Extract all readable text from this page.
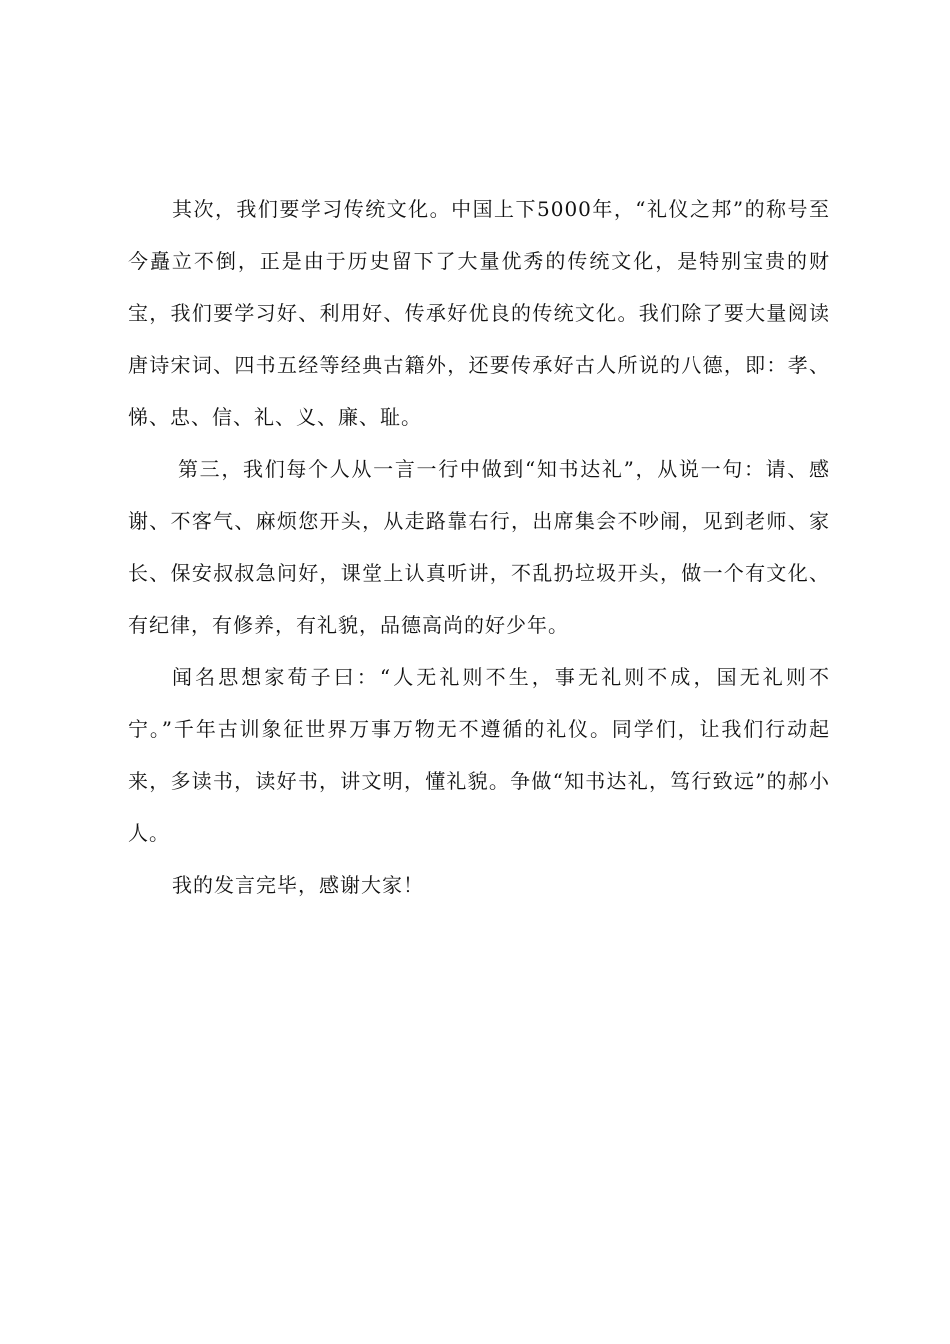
其次，我们要学习传统文化。中国上下5000年，“礼仪之邦”的称号至今矗立不倒，正是由于历史留下了大量优秀的传统文化，是特别宝贵的财宝，我们要学习好、利用好、传承好优良的传统文化。我们除了要大量阅读唐诗宋词、四书五经等经典古籍外，还要传承好古人所说的八德，即：孝、悌、忠、信、礼、义、廉、耻。

第三，我们每个人从一言一行中做到“知书达礼”，从说一句：请、感谢、不客气、麻烦您开头，从走路靠右行，出席集会不吵闹，见到老师、家长、保安叔叔急问好，课堂上认真听讲，不乱扔垃圾开头，做一个有文化、有纪律，有修养，有礼貌，品德高尚的好少年。

闻名思想家荀子曰：“人无礼则不生，事无礼则不成，国无礼则不宁。”千年古训象征世界万事万物无不遵循的礼仪。同学们，让我们行动起来，多读书，读好书，讲文明，懂礼貌。争做“知书达礼，笃行致远”的郝小人。

我的发言完毕，感谢大家！
